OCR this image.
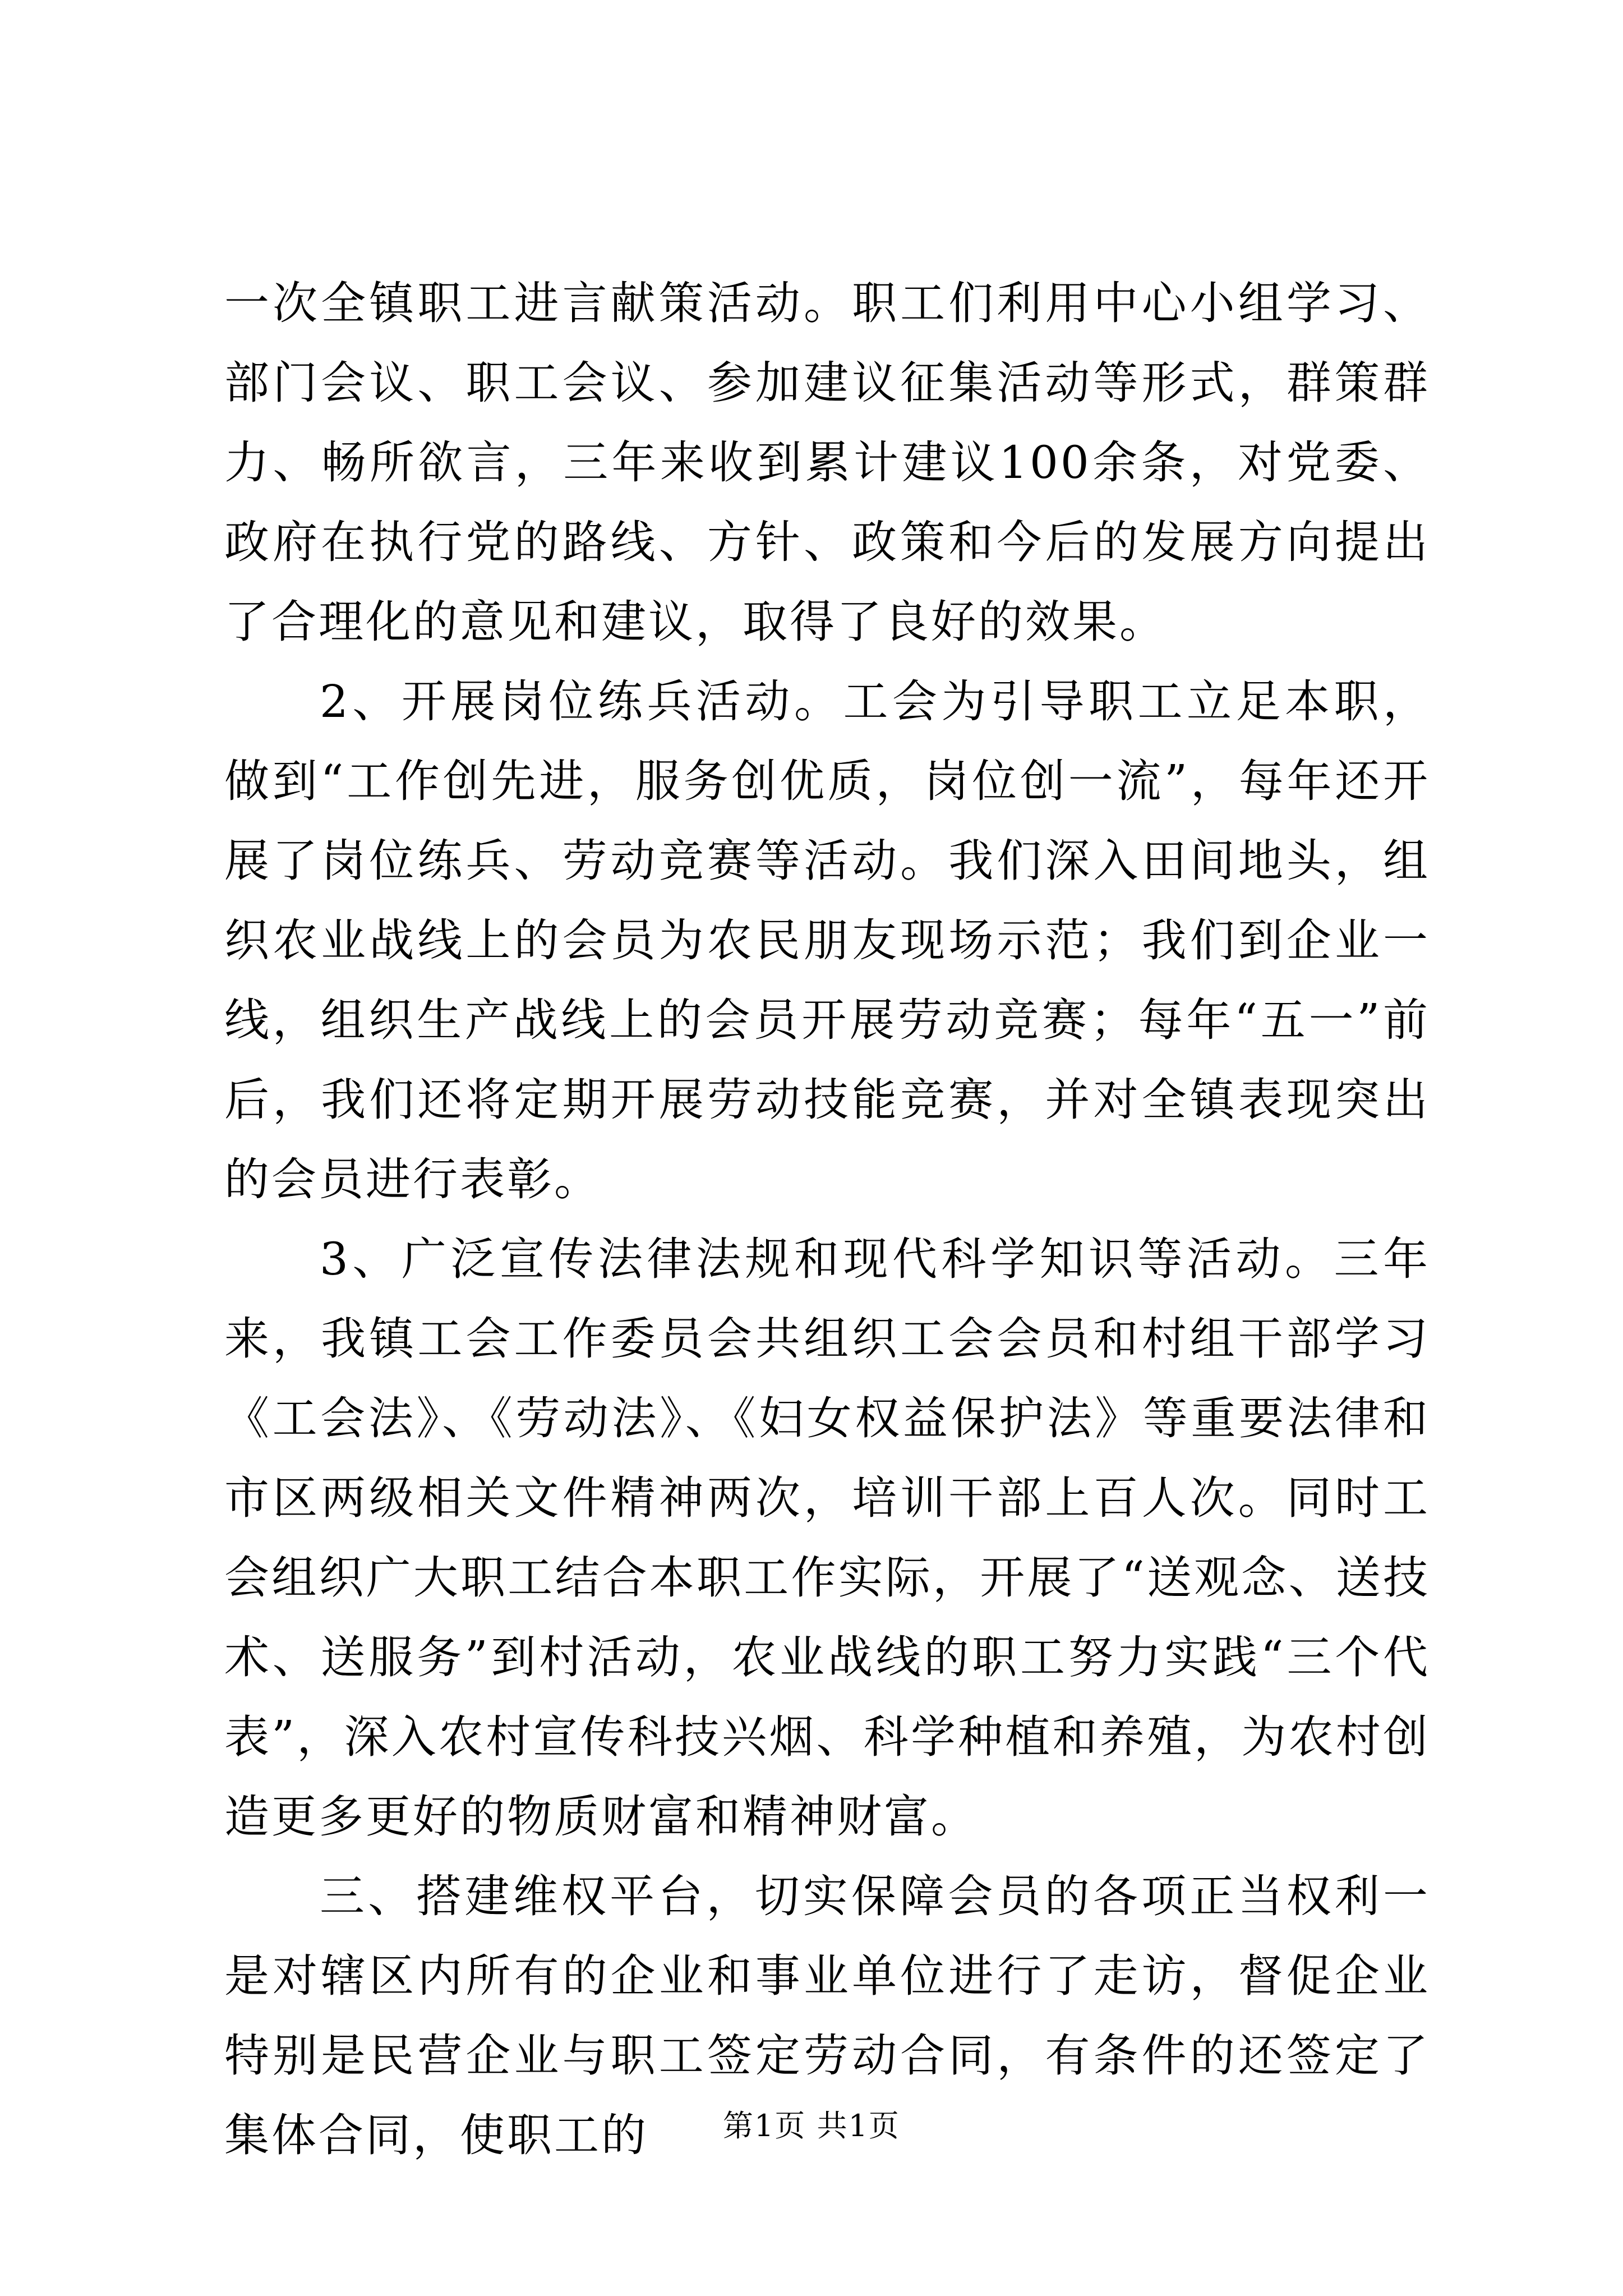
一次全镇职工进言献策活动。职工们利用中心小组学习、部门会议、职工会议、参加建议征集活动等形式，群策群力、畅所欲言，三年来收到累计建议100余条，对党委、政府在执行党的路线、方针、政策和今后的发展方向提出了合理化的意见和建议，取得了良好的效果。

2、开展岗位练兵活动。工会为引导职工立足本职，做到“工作创先进，服务创优质，岗位创一流”，每年还开展了岗位练兵、劳动竞赛等活动。我们深入田间地头，组织农业战线上的会员为农民朋友现场示范；我们到企业一线，组织生产战线上的会员开展劳动竞赛；每年“五一”前后，我们还将定期开展劳动技能竞赛，并对全镇表现突出的会员进行表彰。

3、广泛宣传法律法规和现代科学知识等活动。三年来，我镇工会工作委员会共组织工会会员和村组干部学习《工会法》、《劳动法》、《妇女权益保护法》等重要法律和市区两级相关文件精神两次，培训干部上百人次。同时工会组织广大职工结合本职工作实际，开展了“送观念、送技术、送服务”到村活动，农业战线的职工努力实践“三个代表”，深入农村宣传科技兴烟、科学种植和养殖，为农村创造更多更好的物质财富和精神财富。

三、搭建维权平台，切实保障会员的各项正当权利一是对辖区内所有的企业和事业单位进行了走访，督促企业特别是民营企业与职工签定劳动合同，有条件的还签定了集体合同，使职工的	第1页 共1页
